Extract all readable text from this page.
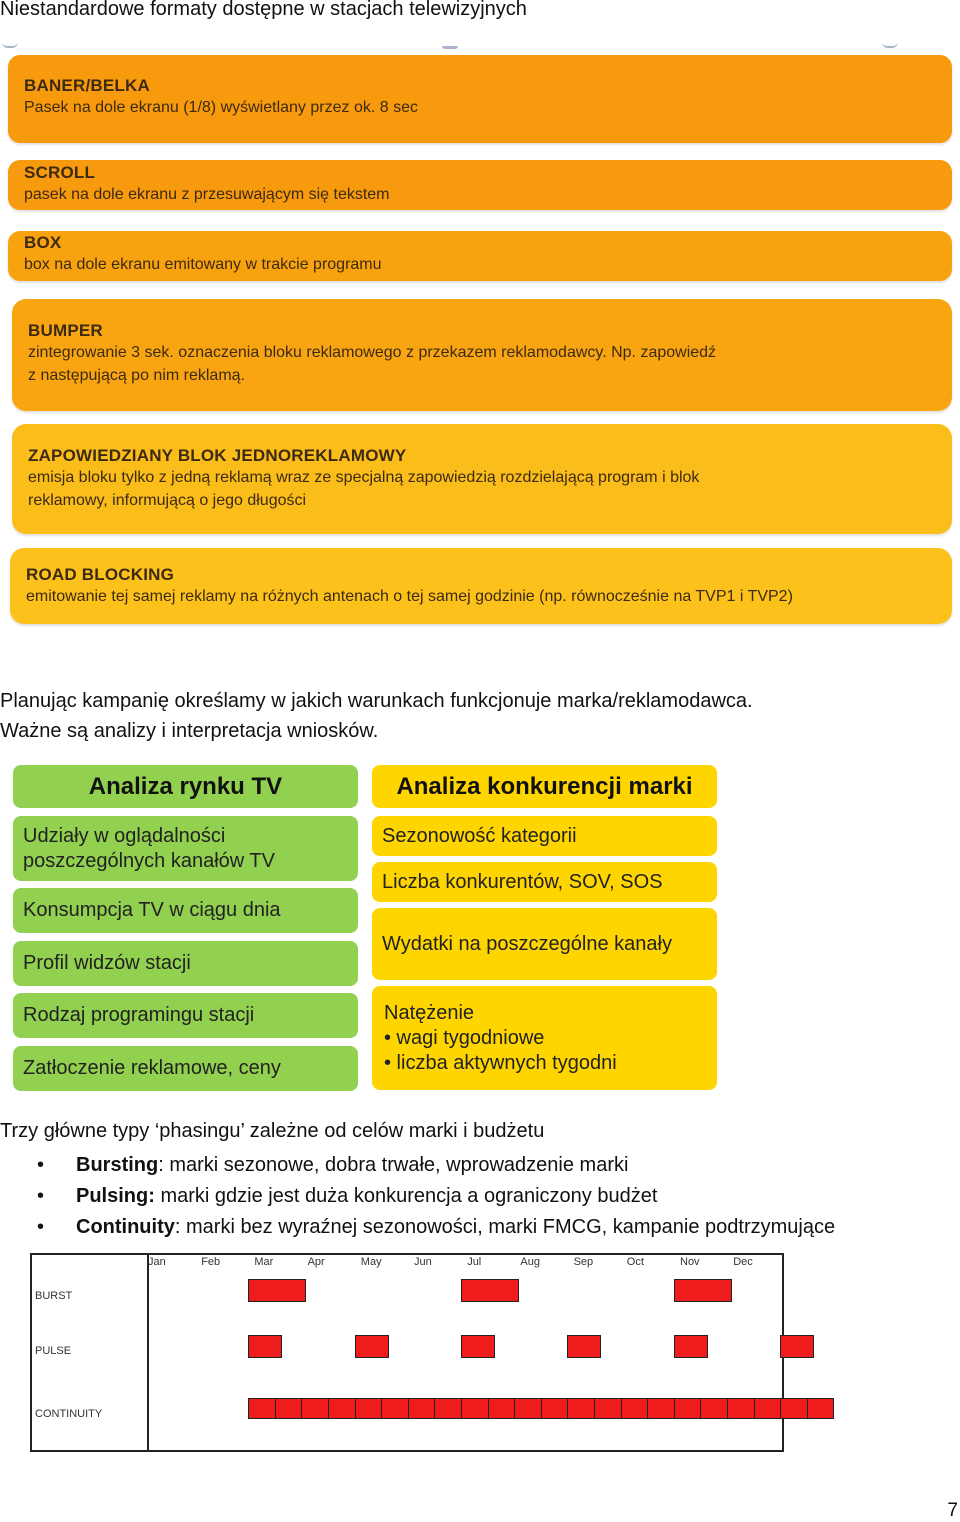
Niestandardowe formaty dostępne w stacjach telewizyjnych
BANER/BELKA
Pasek na dole ekranu (1/8) wyświetlany przez ok. 8 sec
SCROLL
pasek na dole ekranu z przesuwającym się tekstem
BOX
box na dole ekranu emitowany w trakcie programu
BUMPER
zintegrowanie 3 sek. oznaczenia bloku reklamowego z przekazem reklamodawcy. Np. zapowiedź
z następującą po nim reklamą.
ZAPOWIEDZIANY BLOK JEDNOREKLAMOWY
emisja bloku tylko z jedną reklamą wraz ze specjalną zapowiedzią rozdzielającą program i blok
reklamowy, informującą o jego długości
ROAD BLOCKING
emitowanie tej samej reklamy na różnych antenach o tej samej godzinie (np. równocześnie na TVP1 i TVP2)
Planując kampanię określamy w jakich warunkach funkcjonuje marka/reklamodawca.
Ważne są analizy i interpretacja wniosków.
Analiza rynku TV
Udziały w oglądalności
poszczególnych kanałów TV
Konsumpcja TV w ciągu dnia
Profil widzów stacji
Rodzaj programingu stacji
Zatłoczenie reklamowe, ceny
Analiza konkurencji marki
Sezonowość kategorii
Liczba konkurentów, SOV, SOS
Wydatki na poszczególne kanały
Natężenie
• wagi tygodniowe
• liczba aktywnych tygodni
Trzy główne typy ‘phasingu’ zależne od celów marki i budżetu
• Bursting: marki sezonowe, dobra trwałe, wprowadzenie marki
• Pulsing: marki gdzie jest duża konkurencja a ograniczony budżet
• Continuity: marki bez wyraźnej sezonowości, marki FMCG, kampanie podtrzymujące
Jan	Feb	Mar	Apr	May	Jun	Jul	Aug	Sep	Oct	Nov	Dec
BURST
PULSE
CONTINUITY
7
